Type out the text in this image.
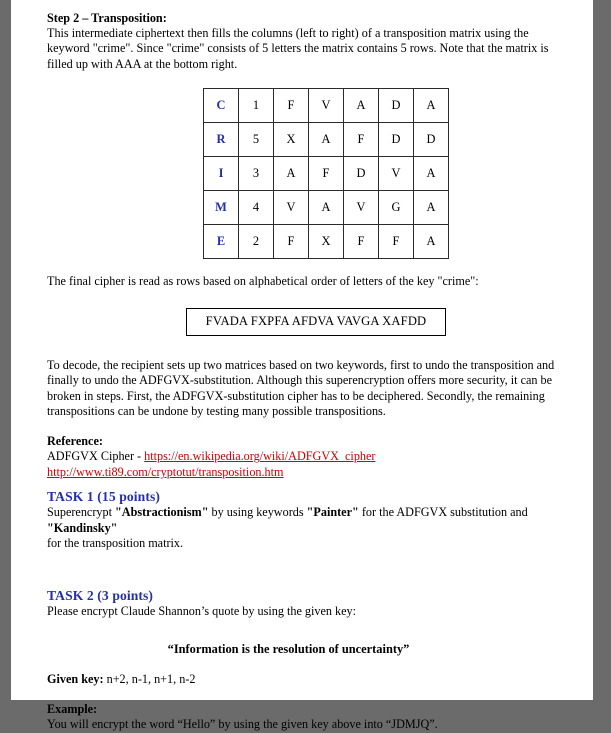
Step 2 – Transposition:
This intermediate ciphertext then fills the columns (left to right) of a transposition matrix using the keyword "crime". Since "crime" consists of 5 letters the matrix contains 5 rows. Note that the matrix is filled up with AAA at the bottom right.
C	1	F	V	A	D	A
R	5	X	A	F	D	D
I	3	A	F	D	V	A
M	4	V	A	V	G	A
E	2	F	X	F	F	A
The final cipher is read as rows based on alphabetical order of letters of the key "crime":
FVADA FXPFA AFDVA VAVGA XAFDD
To decode, the recipient sets up two matrices based on two keywords, first to undo the transposition and finally to undo the ADFGVX-substitution. Although this superencryption offers more security, it can be broken in steps. First, the ADFGVX-substitution cipher has to be deciphered. Secondly, the remaining transpositions can be undone by testing many possible transpositions.
Reference:
ADFGVX Cipher - https://en.wikipedia.org/wiki/ADFGVX_cipher
http://www.ti89.com/cryptotut/transposition.htm
TASK 1 (15 points)
Superencrypt "Abstractionism" by using keywords "Painter" for the ADFGVX substitution and "Kandinsky"
for the transposition matrix.
TASK 2 (3 points)
Please encrypt Claude Shannon’s quote by using the given key:
“Information is the resolution of uncertainty”
Given key: n+2, n-1, n+1, n-2
Example:
You will encrypt the word “Hello” by using the given key above into “JDMJQ”.
